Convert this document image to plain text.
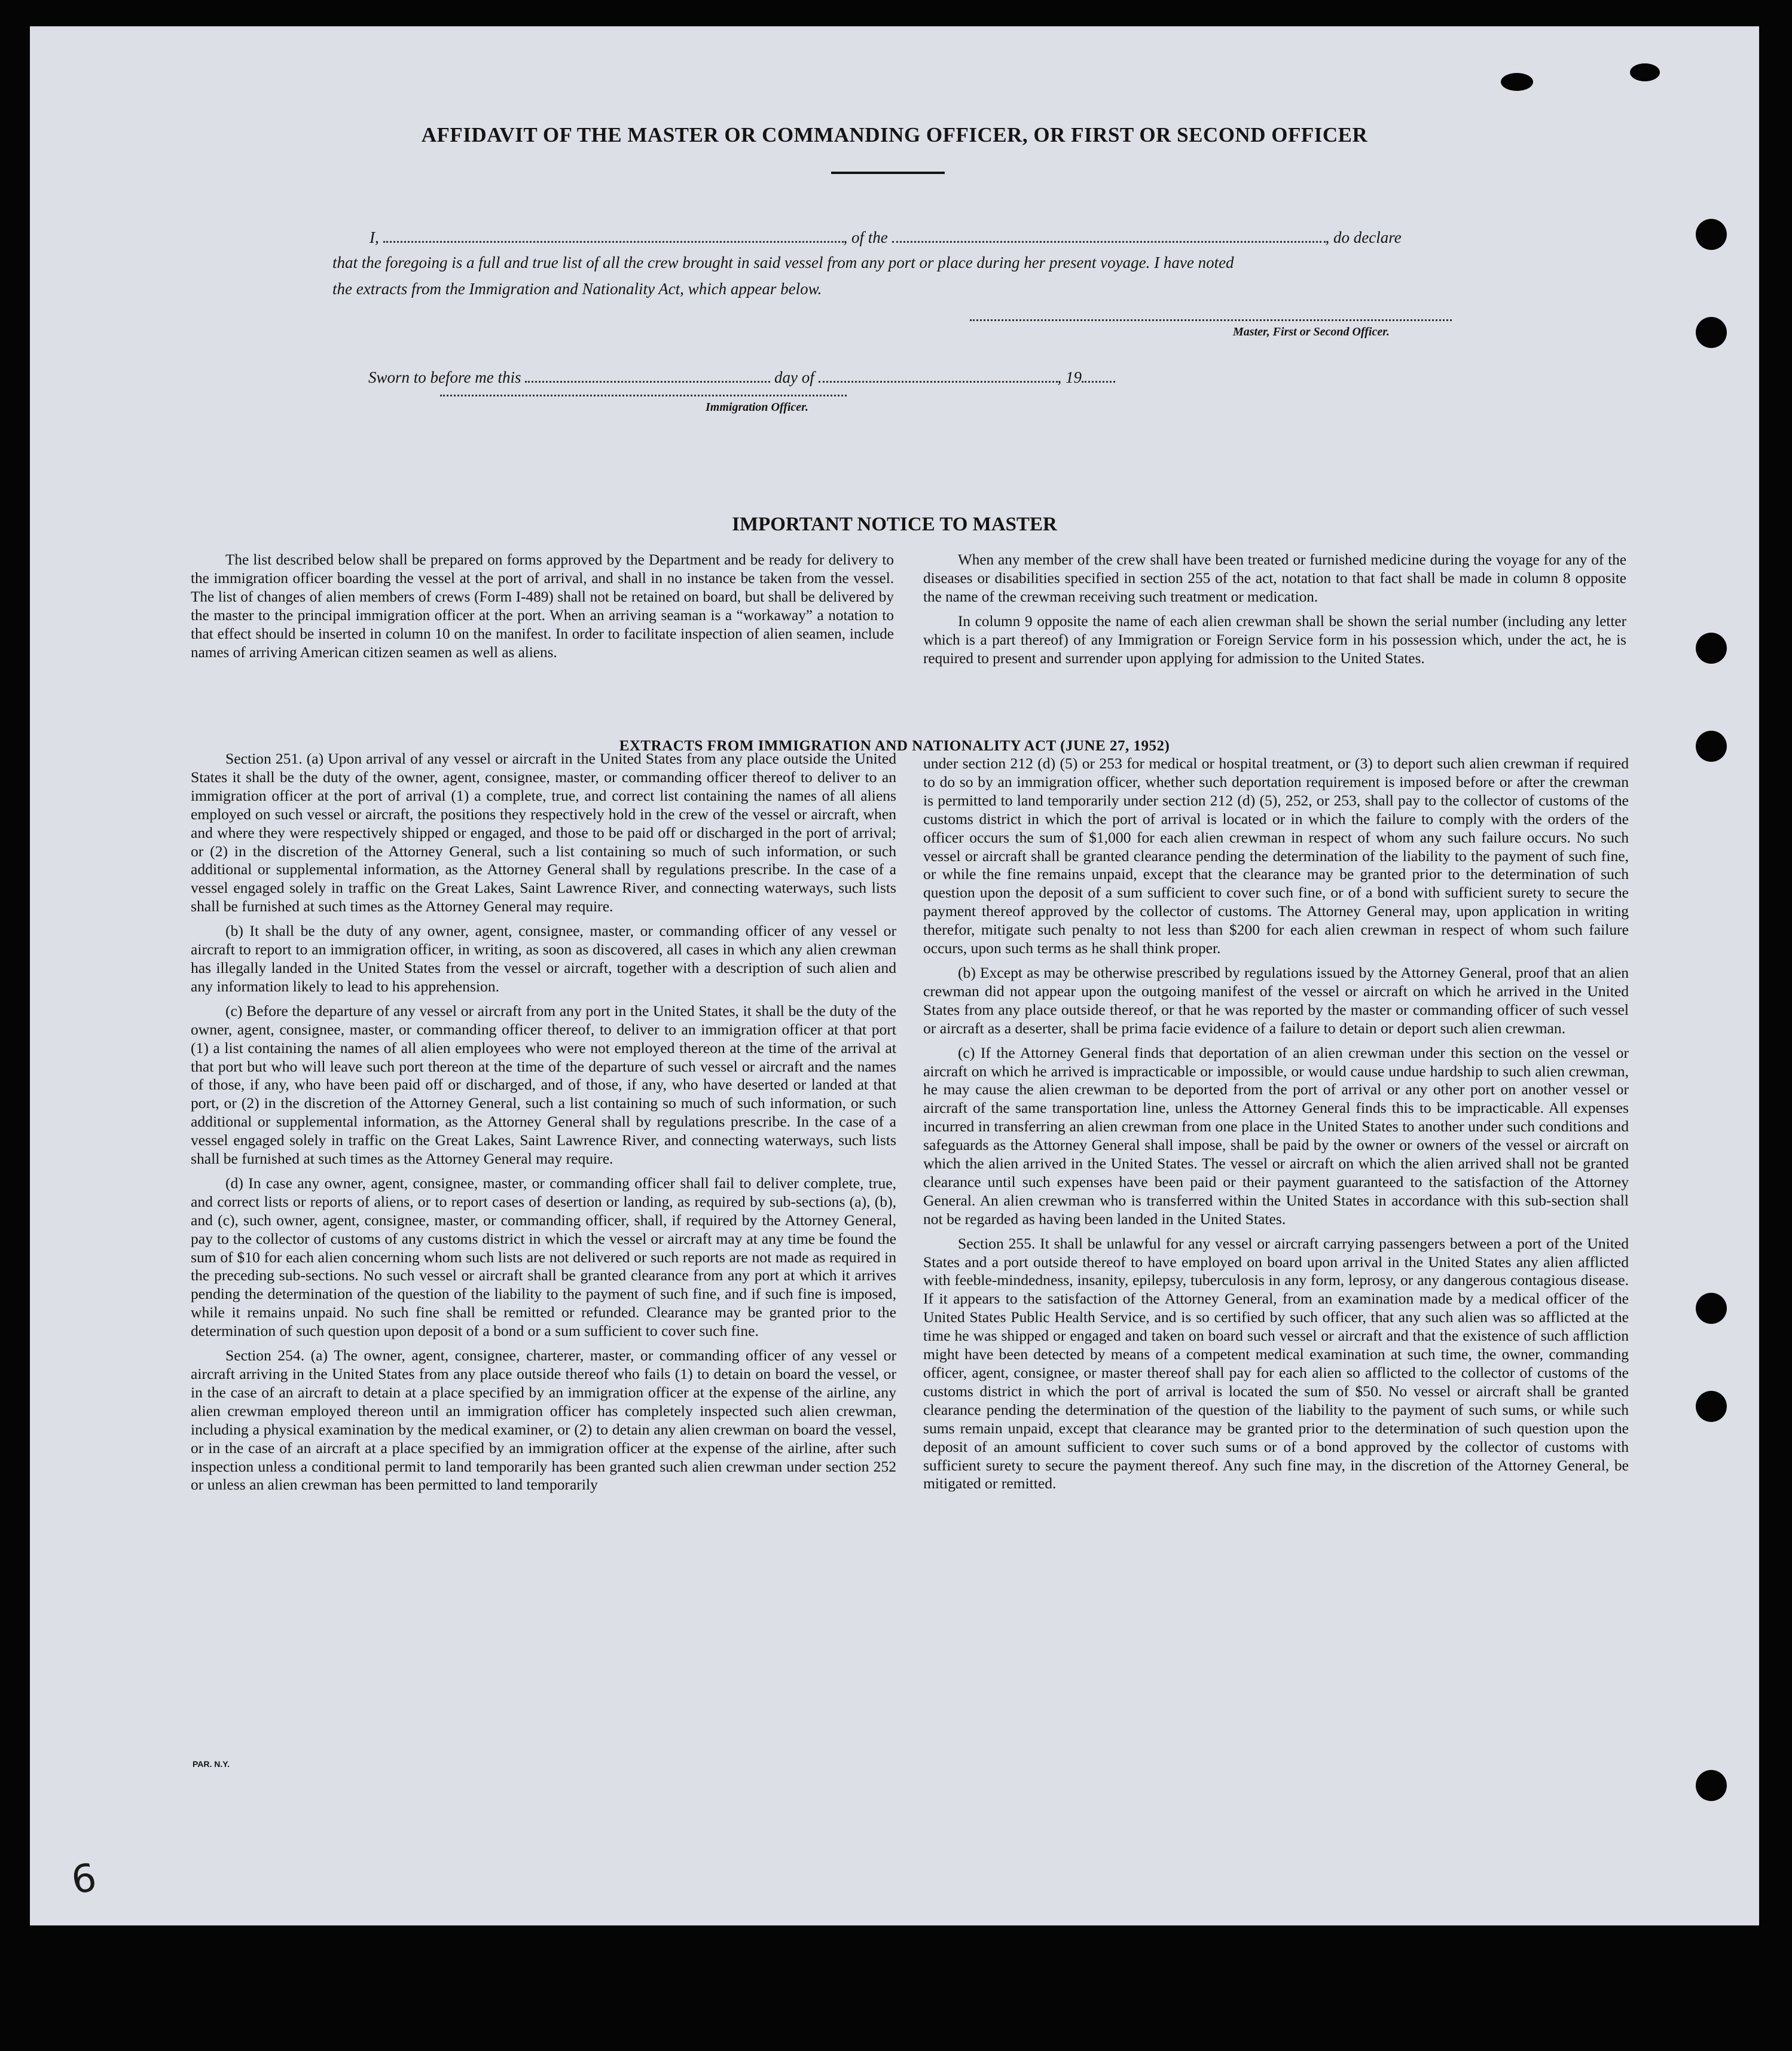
AFFIDAVIT OF THE MASTER OR COMMANDING OFFICER, OR FIRST OR SECOND OFFICER
I,	, of the	, do declare
that the foregoing is a full and true list of all the crew brought in said vessel from any port or place during her present voyage. I have noted
the extracts from the Immigration and Nationality Act, which appear below.
Master, First or Second Officer.
Sworn to before me this	day of	, 19
Immigration Officer.
IMPORTANT NOTICE TO MASTER

The list described below shall be prepared on forms approved by the Department and be ready for delivery to the immigration officer boarding the vessel at the port of arrival, and shall in no instance be taken from the vessel. The list of changes of alien members of crews (Form I-489) shall not be retained on board, but shall be delivered by the master to the principal immigration officer at the port. When an arriving seaman is a “workaway” a notation to that effect should be inserted in column 10 on the manifest. In order to facilitate inspection of alien seamen, include names of arriving American citizen seamen as well as aliens.

When any member of the crew shall have been treated or furnished medicine during the voyage for any of the diseases or disabilities specified in section 255 of the act, notation to that fact shall be made in column 8 opposite the name of the crewman receiving such treatment or medication.

In column 9 opposite the name of each alien crewman shall be shown the serial number (including any letter which is a part thereof) of any Immigration or Foreign Service form in his possession which, under the act, he is required to present and surrender upon applying for admission to the United States.

EXTRACTS FROM IMMIGRATION AND NATIONALITY ACT (JUNE 27, 1952)

Section 251. (a) Upon arrival of any vessel or aircraft in the United States from any place outside the United States it shall be the duty of the owner, agent, consignee, master, or commanding officer thereof to deliver to an immigration officer at the port of arrival (1) a complete, true, and correct list containing the names of all aliens employed on such vessel or aircraft, the positions they respectively hold in the crew of the vessel or aircraft, when and where they were respectively shipped or engaged, and those to be paid off or discharged in the port of arrival; or (2) in the discretion of the Attorney General, such a list containing so much of such information, or such additional or supplemental information, as the Attorney General shall by regulations prescribe. In the case of a vessel engaged solely in traffic on the Great Lakes, Saint Lawrence River, and connecting waterways, such lists shall be furnished at such times as the Attorney General may require.

(b) It shall be the duty of any owner, agent, consignee, master, or commanding officer of any vessel or aircraft to report to an immigration officer, in writing, as soon as discovered, all cases in which any alien crewman has illegally landed in the United States from the vessel or aircraft, together with a description of such alien and any information likely to lead to his apprehension.

(c) Before the departure of any vessel or aircraft from any port in the United States, it shall be the duty of the owner, agent, consignee, master, or commanding officer thereof, to deliver to an immigration officer at that port (1) a list containing the names of all alien employees who were not employed thereon at the time of the arrival at that port but who will leave such port thereon at the time of the departure of such vessel or aircraft and the names of those, if any, who have been paid off or discharged, and of those, if any, who have deserted or landed at that port, or (2) in the discretion of the Attorney General, such a list containing so much of such information, or such additional or supplemental information, as the Attorney General shall by regulations prescribe. In the case of a vessel engaged solely in traffic on the Great Lakes, Saint Lawrence River, and connecting waterways, such lists shall be furnished at such times as the Attorney General may require.

(d) In case any owner, agent, consignee, master, or commanding officer shall fail to deliver complete, true, and correct lists or reports of aliens, or to report cases of desertion or landing, as required by sub-sections (a), (b), and (c), such owner, agent, consignee, master, or commanding officer, shall, if required by the Attorney General, pay to the collector of customs of any customs district in which the vessel or aircraft may at any time be found the sum of $10 for each alien concerning whom such lists are not delivered or such reports are not made as required in the preceding sub-sections. No such vessel or aircraft shall be granted clearance from any port at which it arrives pending the determination of the question of the liability to the payment of such fine, and if such fine is imposed, while it remains unpaid. No such fine shall be remitted or refunded. Clearance may be granted prior to the determination of such question upon deposit of a bond or a sum sufficient to cover such fine.

Section 254. (a) The owner, agent, consignee, charterer, master, or commanding officer of any vessel or aircraft arriving in the United States from any place outside thereof who fails (1) to detain on board the vessel, or in the case of an aircraft to detain at a place specified by an immigration officer at the expense of the airline, any alien crewman employed thereon until an immigration officer has completely inspected such alien crewman, including a physical examination by the medical examiner, or (2) to detain any alien crewman on board the vessel, or in the case of an aircraft at a place specified by an immigration officer at the expense of the airline, after such inspection unless a conditional permit to land temporarily has been granted such alien crewman under section 252 or unless an alien crewman has been permitted to land temporarily

under section 212 (d) (5) or 253 for medical or hospital treatment, or (3) to deport such alien crewman if required to do so by an immigration officer, whether such deportation requirement is imposed before or after the crewman is permitted to land temporarily under section 212 (d) (5), 252, or 253, shall pay to the collector of customs of the customs district in which the port of arrival is located or in which the failure to comply with the orders of the officer occurs the sum of $1,000 for each alien crewman in respect of whom any such failure occurs. No such vessel or aircraft shall be granted clearance pending the determination of the liability to the payment of such fine, or while the fine remains unpaid, except that the clearance may be granted prior to the determination of such question upon the deposit of a sum sufficient to cover such fine, or of a bond with sufficient surety to secure the payment thereof approved by the collector of customs. The Attorney General may, upon application in writing therefor, mitigate such penalty to not less than $200 for each alien crewman in respect of whom such failure occurs, upon such terms as he shall think proper.

(b) Except as may be otherwise prescribed by regulations issued by the Attorney General, proof that an alien crewman did not appear upon the outgoing manifest of the vessel or aircraft on which he arrived in the United States from any place outside thereof, or that he was reported by the master or commanding officer of such vessel or aircraft as a deserter, shall be prima facie evidence of a failure to detain or deport such alien crewman.

(c) If the Attorney General finds that deportation of an alien crewman under this section on the vessel or aircraft on which he arrived is impracticable or impossible, or would cause undue hardship to such alien crewman, he may cause the alien crewman to be deported from the port of arrival or any other port on another vessel or aircraft of the same transportation line, unless the Attorney General finds this to be impracticable. All expenses incurred in transferring an alien crewman from one place in the United States to another under such conditions and safeguards as the Attorney General shall impose, shall be paid by the owner or owners of the vessel or aircraft on which the alien arrived in the United States. The vessel or aircraft on which the alien arrived shall not be granted clearance until such expenses have been paid or their payment guaranteed to the satisfaction of the Attorney General. An alien crewman who is transferred within the United States in accordance with this sub-section shall not be regarded as having been landed in the United States.

Section 255. It shall be unlawful for any vessel or aircraft carrying passengers between a port of the United States and a port outside thereof to have employed on board upon arrival in the United States any alien afflicted with feeble-mindedness, insanity, epilepsy, tuberculosis in any form, leprosy, or any dangerous contagious disease. If it appears to the satisfaction of the Attorney General, from an examination made by a medical officer of the United States Public Health Service, and is so certified by such officer, that any such alien was so afflicted at the time he was shipped or engaged and taken on board such vessel or aircraft and that the existence of such affliction might have been detected by means of a competent medical examination at such time, the owner, commanding officer, agent, consignee, or master thereof shall pay for each alien so afflicted to the collector of customs of the customs district in which the port of arrival is located the sum of $50. No vessel or aircraft shall be granted clearance pending the determination of the question of the liability to the payment of such sums, or while such sums remain unpaid, except that clearance may be granted prior to the determination of such question upon the deposit of an amount sufficient to cover such sums or of a bond approved by the collector of customs with sufficient surety to secure the payment thereof. Any such fine may, in the discretion of the Attorney General, be mitigated or remitted.

PAR. N.Y.
6
